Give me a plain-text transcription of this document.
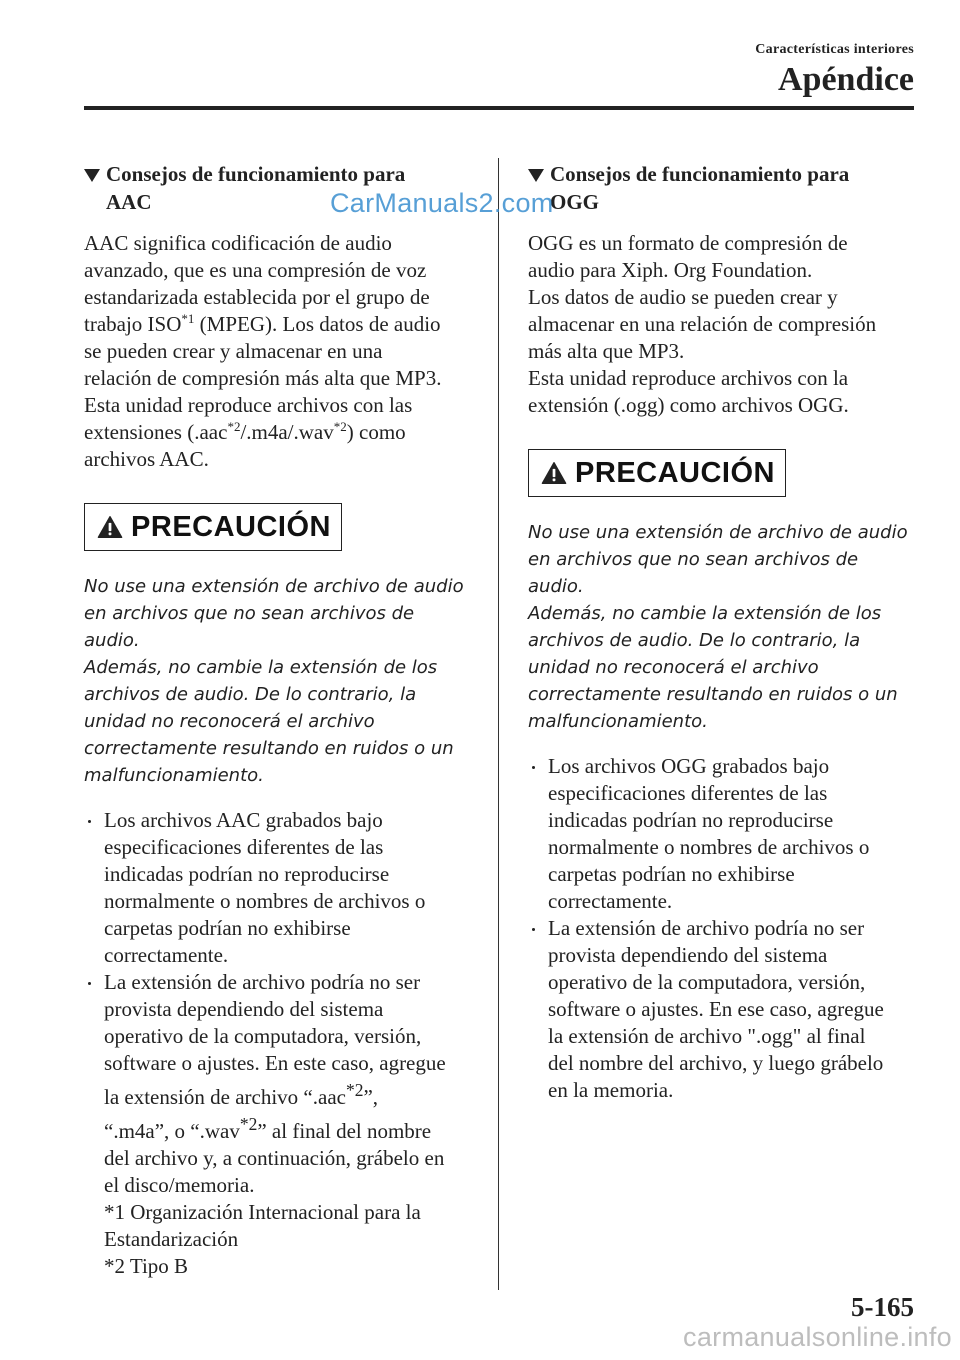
Características interiores
Apéndice
Consejos de funcionamiento para
AAC

AAC significa codificación de audio
avanzado, que es una compresión de voz
estandarizada establecida por el grupo de
trabajo ISO$^{*1}$ (MPEG). Los datos de audio
se pueden crear y almacenar en una
relación de compresión más alta que MP3.
Esta unidad reproduce archivos con las
extensiones (.aac$^{*2}$/.m4a/.wav$^{*2}$) como
archivos AAC.

PRECAUCIÓN

No use una extensión de archivo de audio
en archivos que no sean archivos de audio.
Además, no cambie la extensión de los
archivos de audio. De lo contrario, la
unidad no reconocerá el archivo
correctamente resultando en ruidos o un
malfuncionamiento.

Los archivos AAC grabados bajo
especificaciones diferentes de las
indicadas podrían no reproducirse
normalmente o nombres de archivos o
carpetas podrían no exhibirse
correctamente.
La extensión de archivo podría no ser
provista dependiendo del sistema
operativo de la computadora, versión,
software o ajustes. En este caso, agregue
la extensión de archivo “.aac$^{*2}$”,
“.m4a”, o “.wav$^{*2}$” al final del nombre
del archivo y, a continuación, grábelo en
el disco/memoria.
*1 Organización Internacional para la
Estandarización
*2 Tipo B
Consejos de funcionamiento para
OGG

OGG es un formato de compresión de
audio para Xiph. Org Foundation.
Los datos de audio se pueden crear y
almacenar en una relación de compresión
más alta que MP3.
Esta unidad reproduce archivos con la
extensión (.ogg) como archivos OGG.

PRECAUCIÓN

No use una extensión de archivo de audio
en archivos que no sean archivos de audio.
Además, no cambie la extensión de los
archivos de audio. De lo contrario, la
unidad no reconocerá el archivo
correctamente resultando en ruidos o un
malfuncionamiento.

Los archivos OGG grabados bajo
especificaciones diferentes de las
indicadas podrían no reproducirse
normalmente o nombres de archivos o
carpetas podrían no exhibirse
correctamente.
La extensión de archivo podría no ser
provista dependiendo del sistema
operativo de la computadora, versión,
software o ajustes. En ese caso, agregue
la extensión de archivo ".ogg" al final
del nombre del archivo, y luego grábelo
en la memoria.
CarManuals2.com
5-165
carmanualsonline.info
